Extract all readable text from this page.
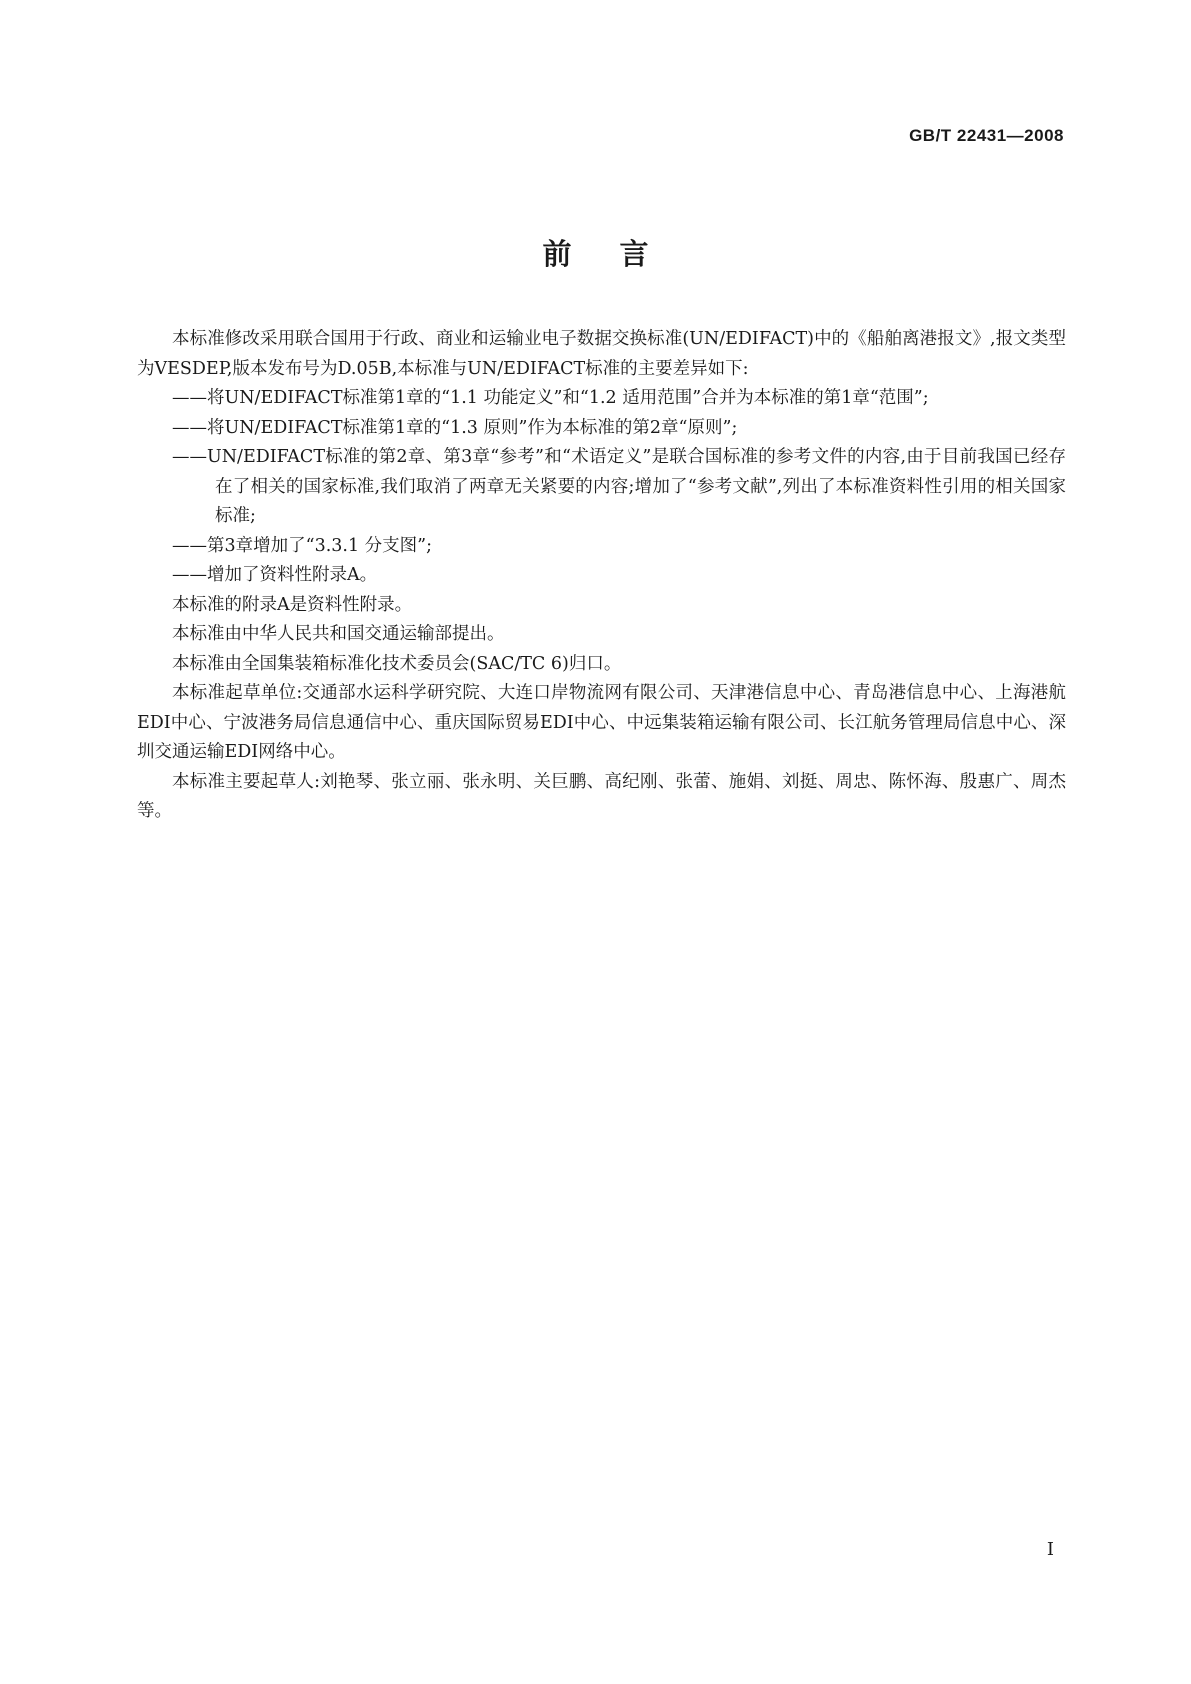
GB/T 22431—2008
前言

本标准修改采用联合国用于行政、商业和运输业电子数据交换标准(UN/EDIFACT)中的《船舶离港报文》,报文类型为VESDEP,版本发布号为D.05B,本标准与UN/EDIFACT标准的主要差异如下:

——将UN/EDIFACT标准第1章的“1.1 功能定义”和“1.2 适用范围”合并为本标准的第1章“范围”;

——将UN/EDIFACT标准第1章的“1.3 原则”作为本标准的第2章“原则”;

——UN/EDIFACT标准的第2章、第3章“参考”和“术语定义”是联合国标准的参考文件的内容,由于目前我国已经存在了相关的国家标准,我们取消了两章无关紧要的内容;增加了“参考文献”,列出了本标准资料性引用的相关国家标准;

——第3章增加了“3.3.1 分支图”;

——增加了资料性附录A。

本标准的附录A是资料性附录。

本标准由中华人民共和国交通运输部提出。

本标准由全国集装箱标准化技术委员会(SAC/TC 6)归口。

本标准起草单位:交通部水运科学研究院、大连口岸物流网有限公司、天津港信息中心、青岛港信息中心、上海港航EDI中心、宁波港务局信息通信中心、重庆国际贸易EDI中心、中远集装箱运输有限公司、长江航务管理局信息中心、深圳交通运输EDI网络中心。

本标准主要起草人:刘艳琴、张立丽、张永明、关巨鹏、高纪刚、张蕾、施娟、刘挺、周忠、陈怀海、殷惠广、周杰等。

I
